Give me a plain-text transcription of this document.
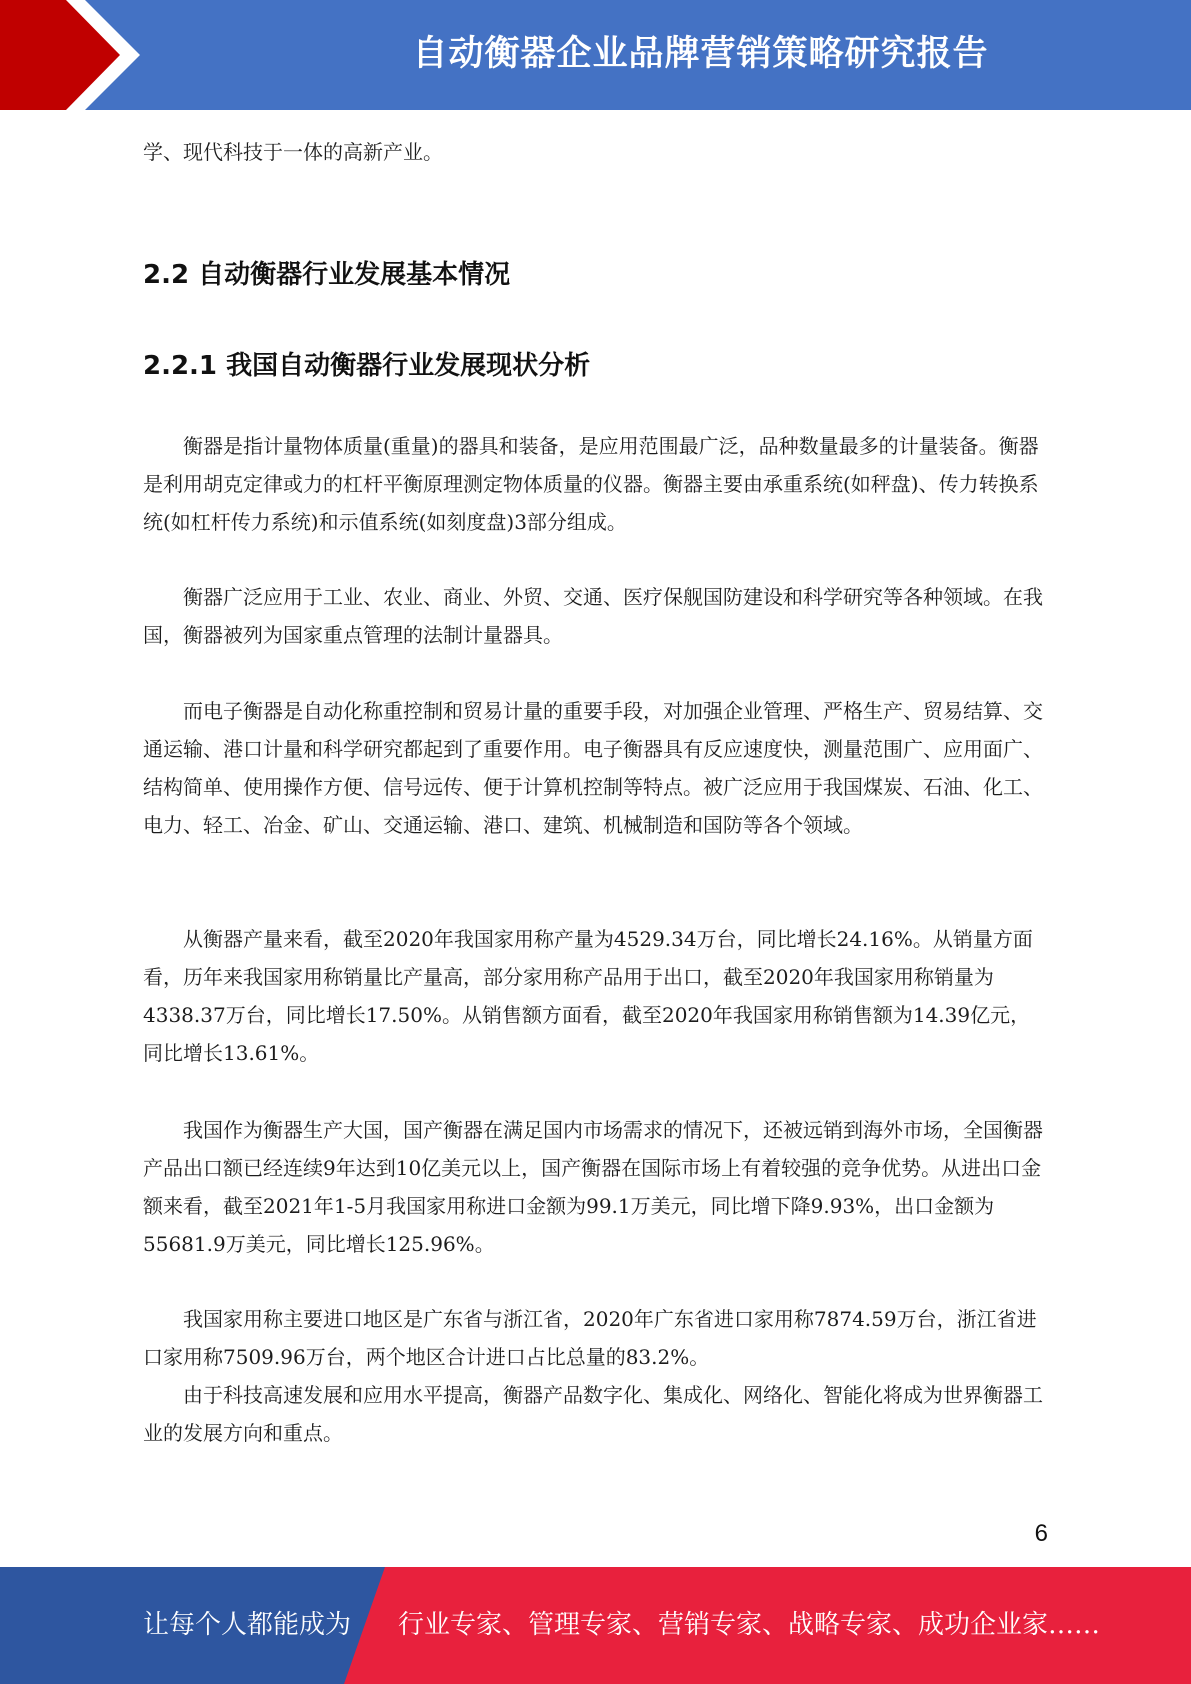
自动衡器企业品牌营销策略研究报告

学、现代科技于一体的高新产业。

2.2 自动衡器行业发展基本情况
2.2.1 我国自动衡器行业发展现状分析

衡器是指计量物体质量(重量)的器具和装备，是应用范围最广泛，品种数量最多的计量装备。衡器是利用胡克定律或力的杠杆平衡原理测定物体质量的仪器。衡器主要由承重系统(如秤盘)、传力转换系统(如杠杆传力系统)和示值系统(如刻度盘)3部分组成。

衡器广泛应用于工业、农业、商业、外贸、交通、医疗保舰国防建设和科学研究等各种领域。在我国，衡器被列为国家重点管理的法制计量器具。

而电子衡器是自动化称重控制和贸易计量的重要手段，对加强企业管理、严格生产、贸易结算、交通运输、港口计量和科学研究都起到了重要作用。电子衡器具有反应速度快，测量范围广、应用面广、结构简单、使用操作方便、信号远传、便于计算机控制等特点。被广泛应用于我国煤炭、石油、化工、电力、轻工、冶金、矿山、交通运输、港口、建筑、机械制造和国防等各个领域。

从衡器产量来看，截至2020年我国家用称产量为4529.34万台，同比增长24.16%。从销量方面看，历年来我国家用称销量比产量高，部分家用称产品用于出口，截至2020年我国家用称销量为4338.37万台，同比增长17.50%。从销售额方面看，截至2020年我国家用称销售额为14.39亿元，同比增长13.61%。

我国作为衡器生产大国，国产衡器在满足国内市场需求的情况下，还被远销到海外市场，全国衡器产品出口额已经连续9年达到10亿美元以上，国产衡器在国际市场上有着较强的竞争优势。从进出口金额来看，截至2021年1-5月我国家用称进口金额为99.1万美元，同比增下降9.93%，出口金额为55681.9万美元，同比增长125.96%。

我国家用称主要进口地区是广东省与浙江省，2020年广东省进口家用称7874.59万台，浙江省进口家用称7509.96万台，两个地区合计进口占比总量的83.2%。

由于科技高速发展和应用水平提高，衡器产品数字化、集成化、网络化、智能化将成为世界衡器工业的发展方向和重点。

6
让每个人都能成为 行业专家、管理专家、营销专家、战略专家、成功企业家……
